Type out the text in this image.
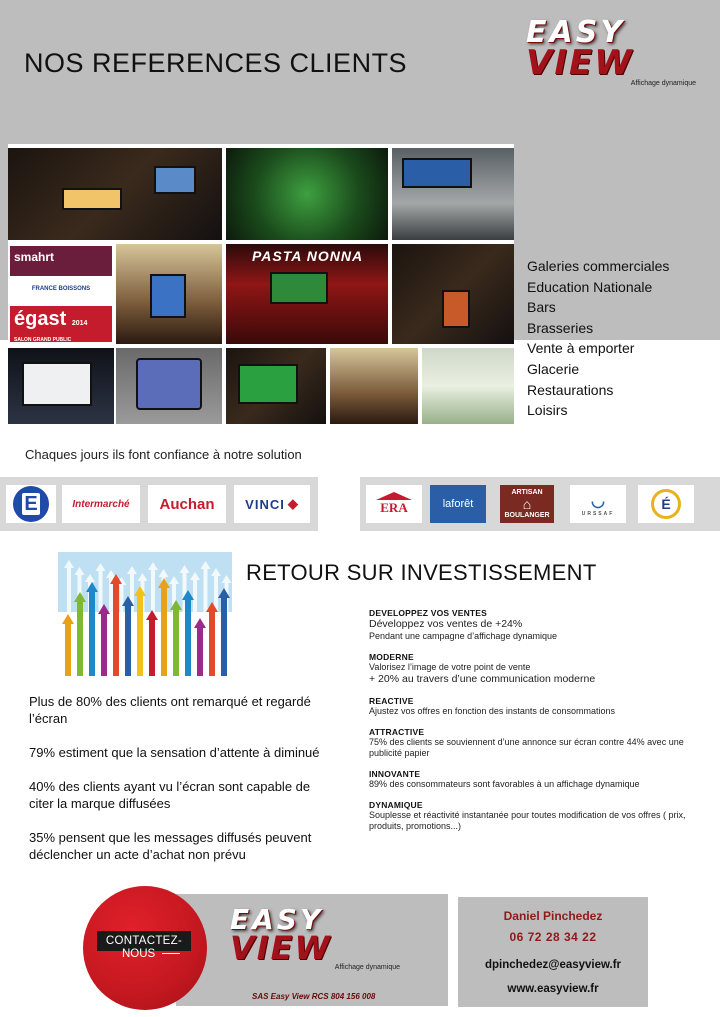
NOS REFERENCES CLIENTS
EASY
VIEW
Affichage dynamique
smahrt
FRANCE BOISSONS
égast 2014
SALON GRAND PUBLIC
PASTA NONNA
Galeries commerciales
Education Nationale
Bars
Brasseries
Vente à emporter
Glacerie
Restaurations
Loisirs
Chaques jours ils font confiance à notre solution
E	Intermarché	Auchan	VINCI ◆	ERA	laforêt
ARTISAN
⌂
BOULANGER
◡
URSSAF
É
RETOUR SUR INVESTISSEMENT

Plus de 80% des clients ont remarqué et regardé l’écran

79% estiment que la sensation d’attente à diminué

40% des clients ayant vu l’écran sont capable de citer la marque diffusées

35% pensent que les messages diffusés peuvent déclencher un acte d’achat non prévu

DEVELOPPEZ VOS VENTES
Développez vos ventes de +24%
Pendant une campagne d’affichage dynamique
MODERNE
Valorisez l’image de votre point de vente
+ 20% au travers d’une communication moderne
REACTIVE
Ajustez vos offres en fonction des instants de consommations
ATTRACTIVE
75% des clients se souviennent d’une annonce sur écran contre 44% avec une publicité papier
INNOVANTE
89% des consommateurs sont favorables à un affichage dynamique
DYNAMIQUE
Souplesse et réactivité instantanée pour toutes modification de vos offres ( prix, produits, promotions...)
CONTACTEZ-
NOUS
EASY
VIEW
Affichage dynamique
SAS Easy View RCS 804 156 008
Daniel Pinchedez
06 72 28 34 22
dpinchedez@easyview.fr
www.easyview.fr
